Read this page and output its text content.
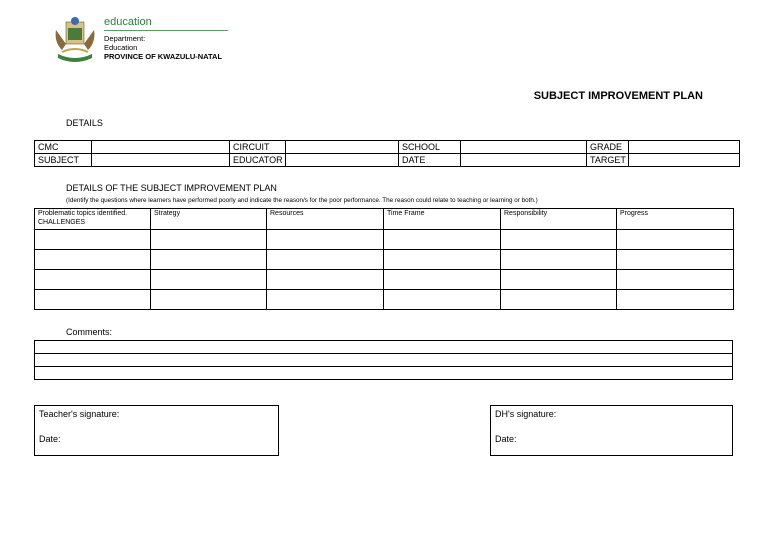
education
Department:
Education
PROVINCE OF KWAZULU-NATAL
SUBJECT IMPROVEMENT PLAN
DETAILS
CMC		CIRCUIT		SCHOOL		GRADE	
SUBJECT		EDUCATOR		DATE		TARGET	
DETAILS OF THE SUBJECT IMPROVEMENT PLAN
(Identify the questions where learners have performed poorly and indicate the reason/s for the poor performance. The reason could relate to teaching or learning or both.)
Problematic topics identified. CHALLENGES	Strategy	Resources	Time Frame	Responsibility	Progress

Comments:

Teacher's signature:
Date:
DH's signature:
Date:
